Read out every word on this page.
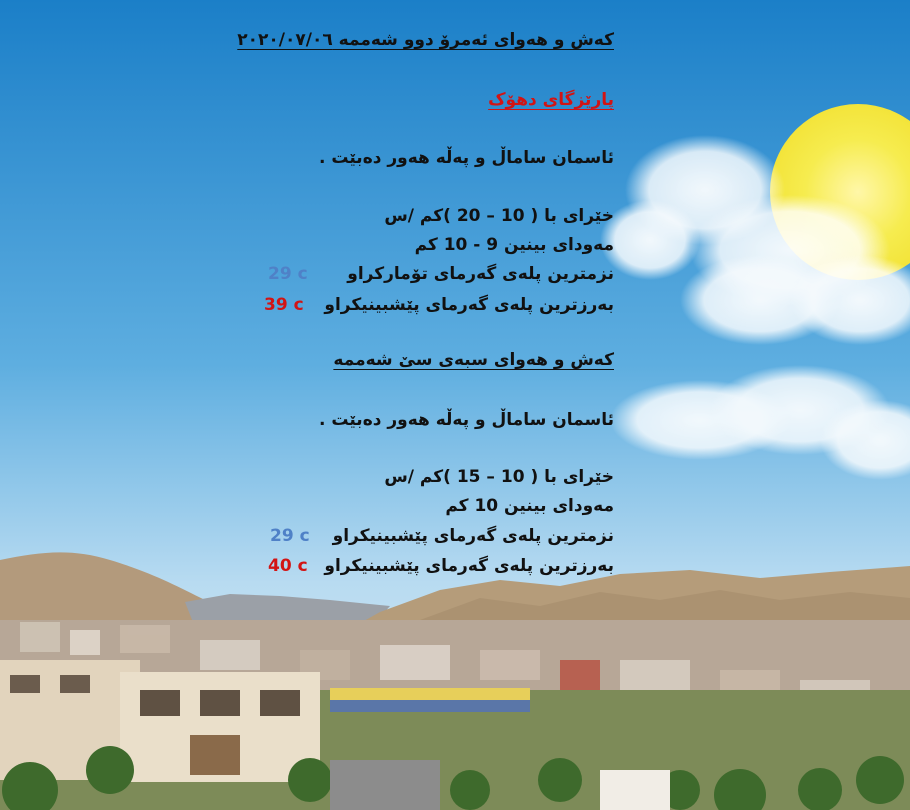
کەش و هەوای ئەمرۆ دوو شەممە ٢٠٢٠/٠٧/٠٦
پارێزگای دهۆک
ئاسمان ساماڵ و پەڵە هەور دەبێت .
خێرای با ( 10 – 20 )کم /س
مەودای بینین 9 - 10 کم
نزمترین پلەی گەرمای تۆمارکراو
29 c
بەرزترین پلەی گەرمای پێشبینیکراو
39 c
کەش و هەوای سبەی سێ شەممە
ئاسمان ساماڵ و پەڵە هەور دەبێت .
خێرای با ( 10 – 15 )کم /س
مەودای بینین 10 کم
نزمترین پلەی گەرمای پێشبینیکراو
29 c
بەرزترین پلەی گەرمای پێشبینیکراو
40 c
